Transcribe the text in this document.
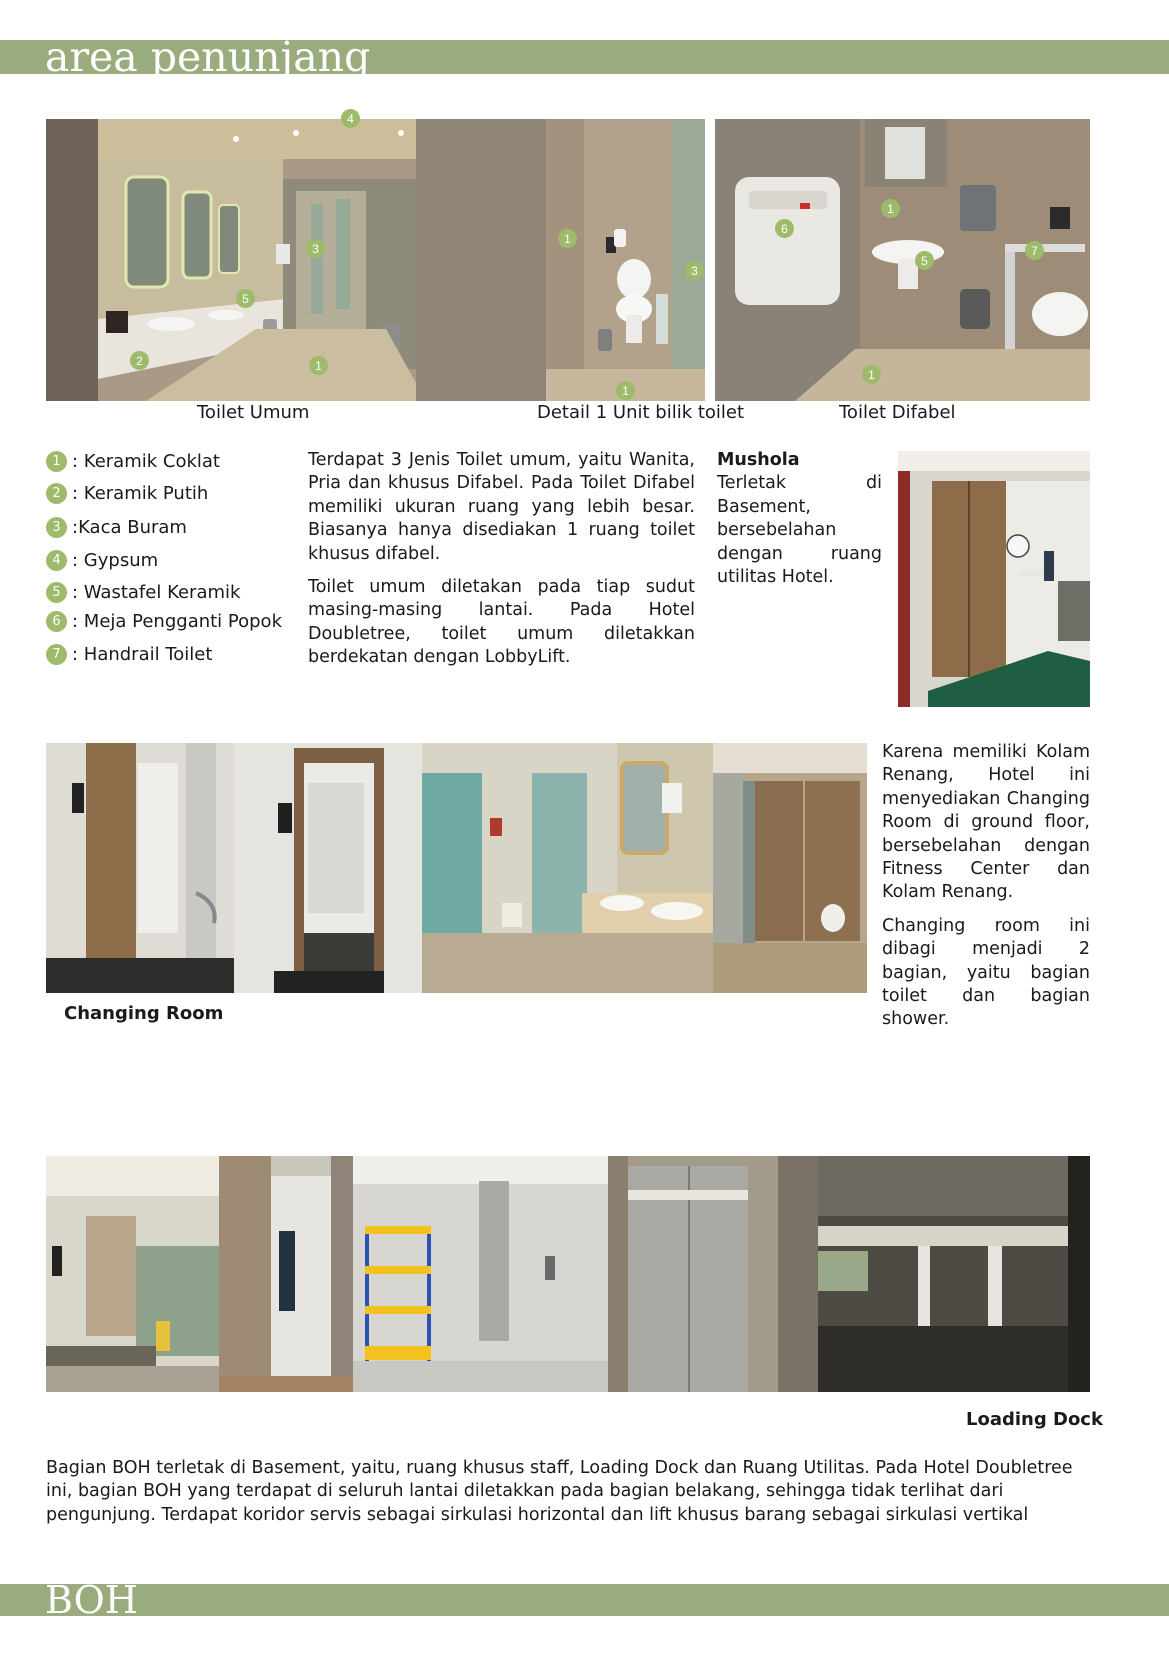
area penunjang
4
3
5
2	1
1
3
1
6
1
5
7
1
Toilet Umum	Detail 1 Unit bilik toilet	Toilet Difabel
1 : Keramik Coklat
2 : Keramik Putih
3 :Kaca Buram
4 : Gypsum
5 : Wastafel Keramik
6 : Meja Pengganti Popok
7 : Handrail Toilet

Terdapat 3 Jenis Toilet umum, yaitu Wanita, Pria dan khusus Difabel. Pada Toilet Difabel memiliki ukuran ruang yang lebih besar. Biasanya hanya disediakan 1 ruang toilet khusus difabel.

Toilet umum diletakan pada tiap sudut masing-masing lantai. Pada Hotel Doubletree, toilet umum diletakkan berdekatan dengan LobbyLift.

Mushola
Terletak di Basement, bersebelahan dengan ruang utilitas Hotel.
Changing Room

Karena memiliki Kolam Renang, Hotel ini menyediakan Changing Room di ground floor, bersebelahan dengan Fitness Center dan Kolam Renang.

Changing room ini dibagi menjadi 2 bagian, yaitu bagian toilet dan bagian shower.

Loading Dock

Bagian BOH terletak di Basement, yaitu, ruang khusus staff, Loading Dock dan Ruang Utilitas. Pada Hotel Doubletree ini, bagian BOH yang terdapat di seluruh lantai diletakkan pada bagian belakang, sehingga tidak terlihat dari pengunjung. Terdapat koridor servis sebagai sirkulasi horizontal dan lift khusus barang sebagai sirkulasi vertikal

BOH
